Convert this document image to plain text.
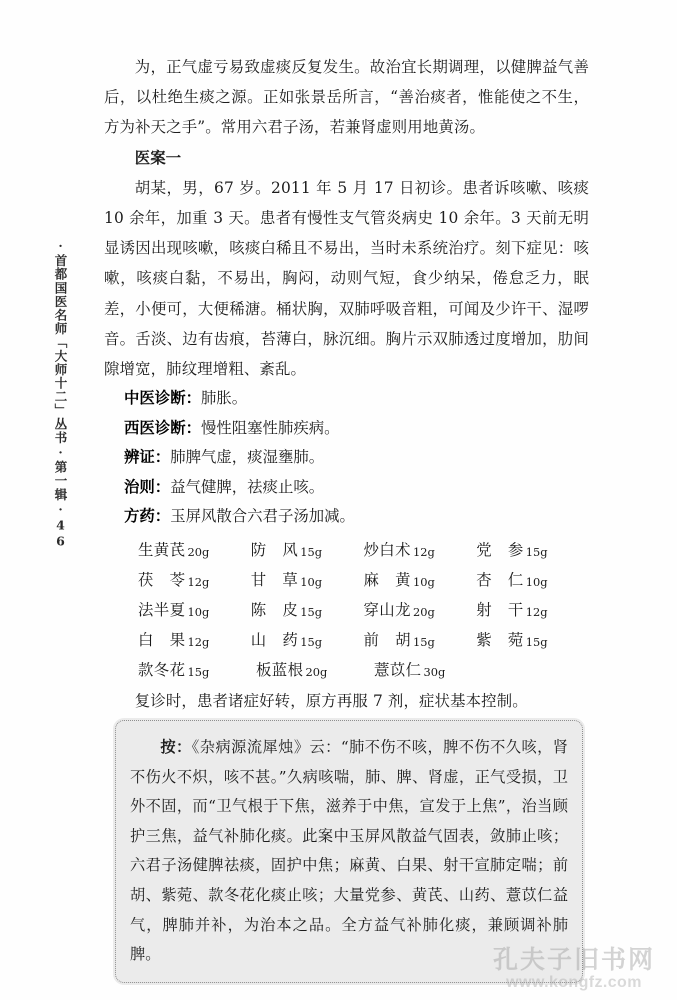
·首都国医名师「大师十二」丛书·第一辑·46

为，正气虚亏易致虚痰反复发生。故治宜长期调理，以健脾益气善后，以杜绝生痰之源。正如张景岳所言，“善治痰者，惟能使之不生，方为补天之手”。常用六君子汤，若兼肾虚则用地黄汤。

医案一

胡某，男，67 岁。2011 年 5 月 17 日初诊。患者诉咳嗽、咳痰 10 余年，加重 3 天。患者有慢性支气管炎病史 10 余年。3 天前无明显诱因出现咳嗽，咳痰白稀且不易出，当时未系统治疗。刻下症见：咳嗽，咳痰白黏，不易出，胸闷，动则气短，食少纳呆，倦怠乏力，眠差，小便可，大便稀溏。桶状胸，双肺呼吸音粗，可闻及少许干、湿啰音。舌淡、边有齿痕，苔薄白，脉沉细。胸片示双肺透过度增加，肋间隙增宽，肺纹理增粗、紊乱。

中医诊断：肺胀。

西医诊断：慢性阻塞性肺疾病。

辨证：肺脾气虚，痰湿壅肺。

治则：益气健脾，祛痰止咳。

方药：玉屏风散合六君子汤加减。

生 黄 芪 20g	防 风 15g	炒 白 术 12g	党 参 15g
茯 苓 12g	甘 草 10g	麻 黄 10g	杏 仁 10g
法 半 夏 10g	陈 皮 15g	穿 山 龙 20g	射 干 12g
白 果 12g	山 药 15g	前 胡 15g	紫 菀 15g
款 冬 花 15g	板 蓝 根 20g	薏 苡 仁 30g

复诊时，患者诸症好转，原方再服 7 剂，症状基本控制。

按：《杂病源流犀烛》云：“肺不伤不咳，脾不伤不久咳，肾不伤火不炽，咳不甚。”久病咳喘，肺、脾、肾虚，正气受损，卫外不固，而“卫气根于下焦，滋养于中焦，宣发于上焦”，治当顾护三焦，益气补肺化痰。此案中玉屏风散益气固表，敛肺止咳；六君子汤健脾祛痰，固护中焦；麻黄、白果、射干宣肺定喘；前胡、紫菀、款冬花化痰止咳；大量党参、黄芪、山药、薏苡仁益气，脾肺并补，为治本之品。全方益气补肺化痰，兼顾调补肺脾。	孔夫子旧书网
www.kongfz.com
